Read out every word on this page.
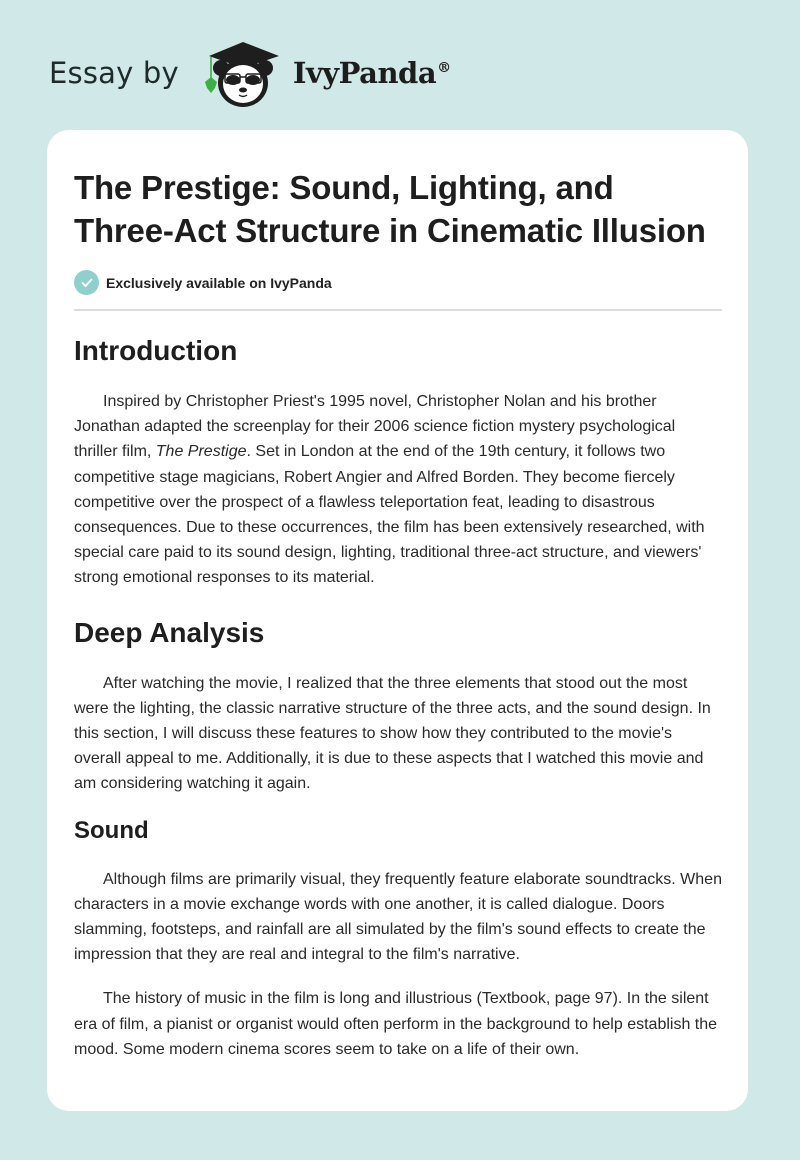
Essay by	IvyPanda®
The Prestige: Sound, Lighting, and Three-Act Structure in Cinematic Illusion
Exclusively available on IvyPanda
Introduction

Inspired by Christopher Priest's 1995 novel, Christopher Nolan and his brother Jonathan adapted the screenplay for their 2006 science fiction mystery psychological thriller film, The Prestige. Set in London at the end of the 19th century, it follows two competitive stage magicians, Robert Angier and Alfred Borden. They become fiercely competitive over the prospect of a flawless teleportation feat, leading to disastrous consequences. Due to these occurrences, the film has been extensively researched, with special care paid to its sound design, lighting, traditional three-act structure, and viewers' strong emotional responses to its material.

Deep Analysis

After watching the movie, I realized that the three elements that stood out the most were the lighting, the classic narrative structure of the three acts, and the sound design. In this section, I will discuss these features to show how they contributed to the movie's overall appeal to me. Additionally, it is due to these aspects that I watched this movie and am considering watching it again.

Sound

Although films are primarily visual, they frequently feature elaborate soundtracks. When characters in a movie exchange words with one another, it is called dialogue. Doors slamming, footsteps, and rainfall are all simulated by the film's sound effects to create the impression that they are real and integral to the film's narrative.

The history of music in the film is long and illustrious (Textbook, page 97). In the silent era of film, a pianist or organist would often perform in the background to help establish the mood. Some modern cinema scores seem to take on a life of their own.
